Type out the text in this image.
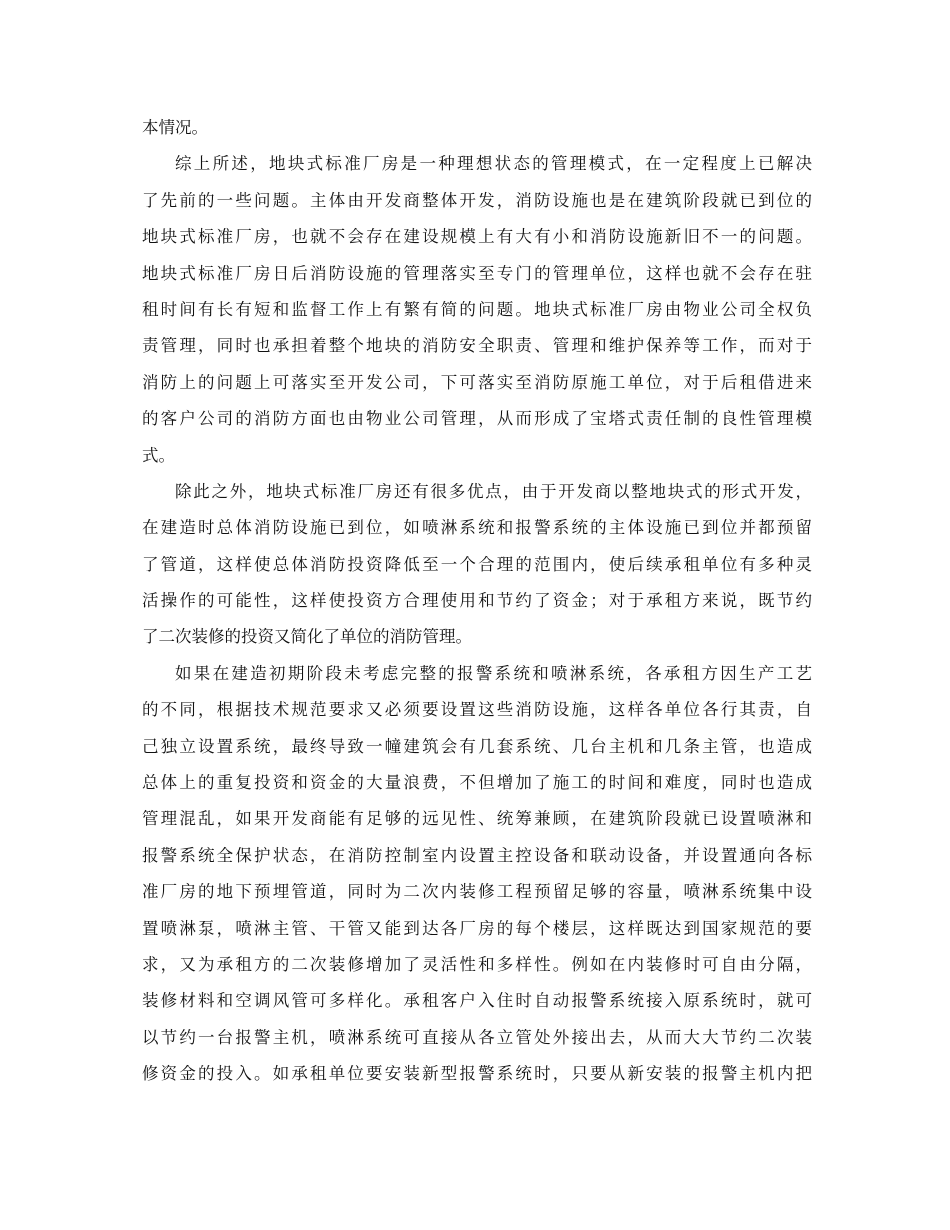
本情况。
综上所述，地块式标准厂房是一种理想状态的管理模式，在一定程度上已解决
了先前的一些问题。主体由开发商整体开发，消防设施也是在建筑阶段就已到位的
地块式标准厂房，也就不会存在建设规模上有大有小和消防设施新旧不一的问题。
地块式标准厂房日后消防设施的管理落实至专门的管理单位，这样也就不会存在驻
租时间有长有短和监督工作上有繁有简的问题。地块式标准厂房由物业公司全权负
责管理，同时也承担着整个地块的消防安全职责、管理和维护保养等工作，而对于
消防上的问题上可落实至开发公司，下可落实至消防原施工单位，对于后租借进来
的客户公司的消防方面也由物业公司管理，从而形成了宝塔式责任制的良性管理模
式。
除此之外，地块式标准厂房还有很多优点，由于开发商以整地块式的形式开发，
在建造时总体消防设施已到位，如喷淋系统和报警系统的主体设施已到位并都预留
了管道，这样使总体消防投资降低至一个合理的范围内，使后续承租单位有多种灵
活操作的可能性，这样使投资方合理使用和节约了资金；对于承租方来说，既节约
了二次装修的投资又简化了单位的消防管理。
如果在建造初期阶段未考虑完整的报警系统和喷淋系统，各承租方因生产工艺
的不同，根据技术规范要求又必须要设置这些消防设施，这样各单位各行其责，自
己独立设置系统，最终导致一幢建筑会有几套系统、几台主机和几条主管，也造成
总体上的重复投资和资金的大量浪费，不但增加了施工的时间和难度，同时也造成
管理混乱，如果开发商能有足够的远见性、统筹兼顾，在建筑阶段就已设置喷淋和
报警系统全保护状态，在消防控制室内设置主控设备和联动设备，并设置通向各标
准厂房的地下预埋管道，同时为二次内装修工程预留足够的容量，喷淋系统集中设
置喷淋泵，喷淋主管、干管又能到达各厂房的每个楼层，这样既达到国家规范的要
求，又为承租方的二次装修增加了灵活性和多样性。例如在内装修时可自由分隔，
装修材料和空调风管可多样化。承租客户入住时自动报警系统接入原系统时，就可
以节约一台报警主机，喷淋系统可直接从各立管处外接出去，从而大大节约二次装
修资金的投入。如承租单位要安装新型报警系统时，只要从新安装的报警主机内把
